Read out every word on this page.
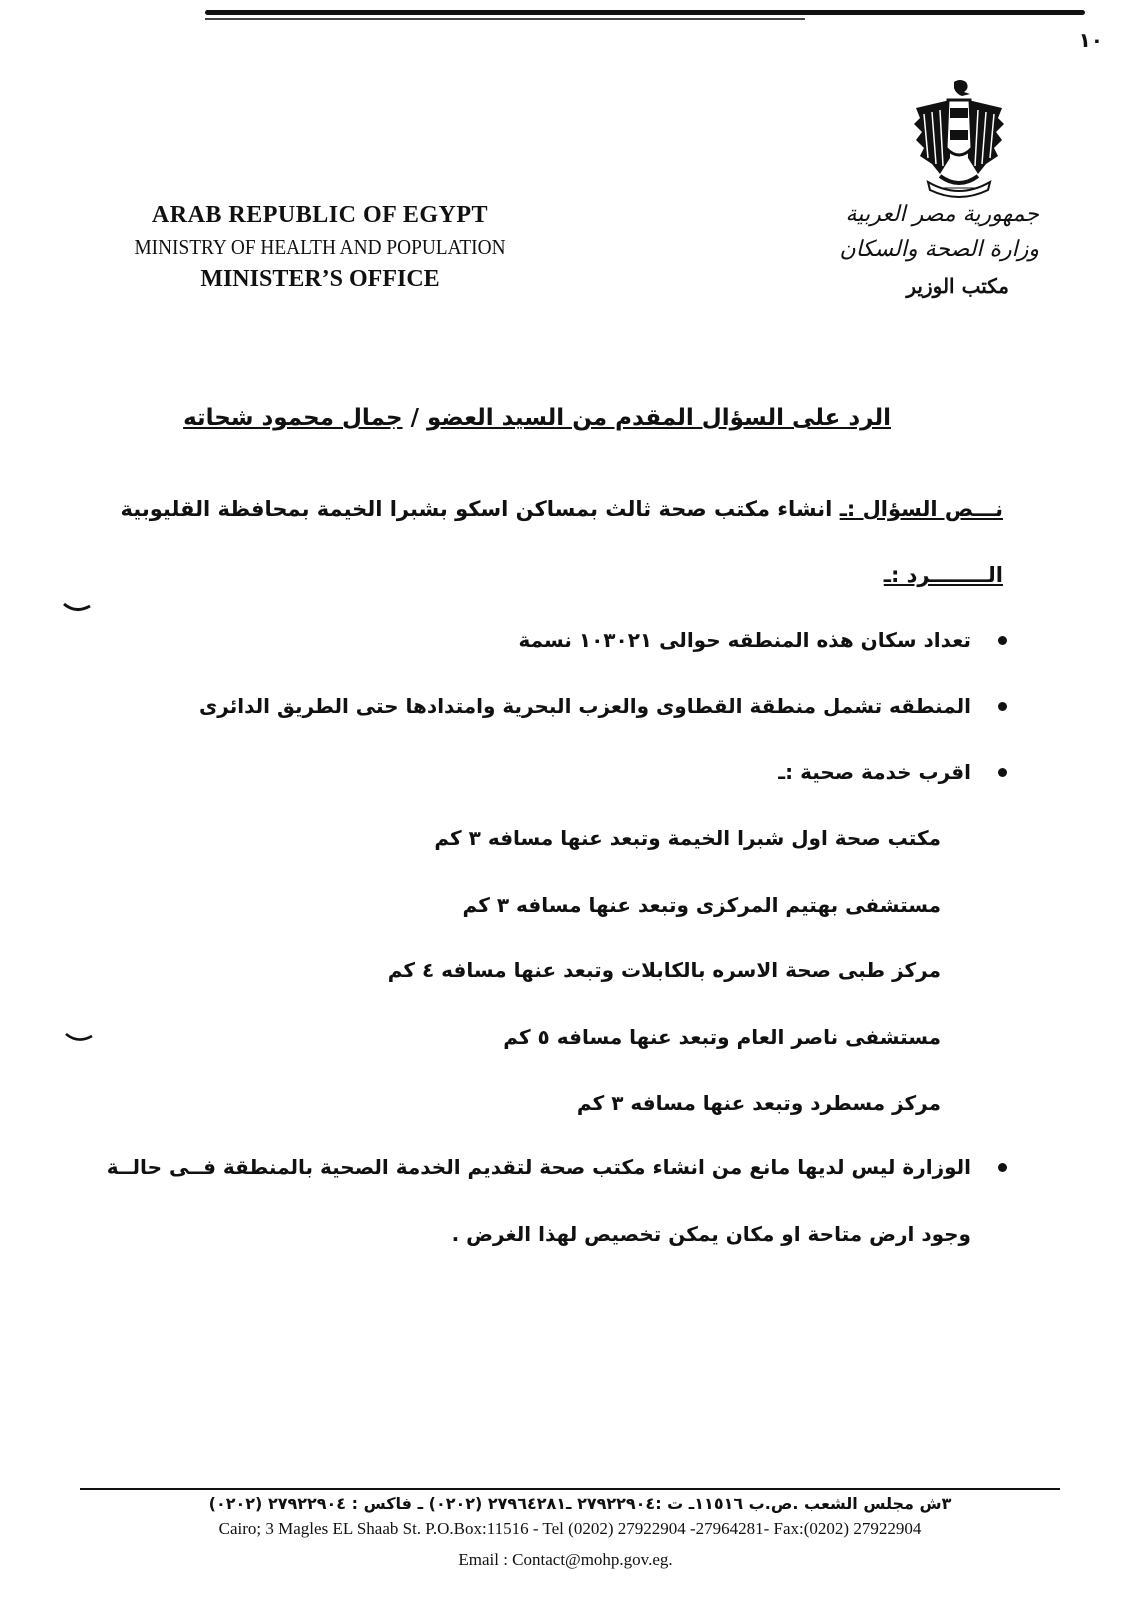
١٠
ARAB REPUBLIC OF EGYPT
MINISTRY OF HEALTH AND POPULATION
MINISTER’S OFFICE
جمهورية مصر العربية
وزارة الصحة والسكان
مكتب الوزير
الرد على السؤال المقدم من السيد العضو / جمال محمود شحاته
نـــص السؤال :ـ انشاء مكتب صحة ثالث بمساكن اسكو بشبرا الخيمة بمحافظة القليوبية
الــــــــرد :ـ
تعداد سكان هذه المنطقه حوالى ١٠٣٠٢١ نسمة
المنطقه تشمل منطقة القطاوى والعزب البحرية وامتدادها حتى الطريق الدائرى
اقرب خدمة صحية :ـ
مكتب صحة اول شبرا الخيمة وتبعد عنها مسافه ٣ كم
مستشفى بهتيم المركزى وتبعد عنها مسافه ٣ كم
مركز طبى صحة الاسره بالكابلات وتبعد عنها مسافه ٤ كم
مستشفى ناصر العام وتبعد عنها مسافه ٥ كم
مركز مسطرد وتبعد عنها مسافه ٣ كم
الوزارة ليس لديها مانع من انشاء مكتب صحة لتقديم الخدمة الصحية بالمنطقة فــى حالــة
وجود ارض متاحة او مكان يمكن تخصيص لهذا الغرض .
٣ش مجلس الشعب .ص.ب ١١٥١٦ـ ت :٢٧٩٢٢٩٠٤ ـ٢٧٩٦٤٢٨١ (٠٢٠٢) ـ فاكس : ٢٧٩٢٢٩٠٤ (٠٢٠٢)
Cairo; 3 Magles EL Shaab St. P.O.Box:11516 - Tel (0202) 27922904 -27964281- Fax:(0202) 27922904
Email : Contact@mohp.gov.eg.
